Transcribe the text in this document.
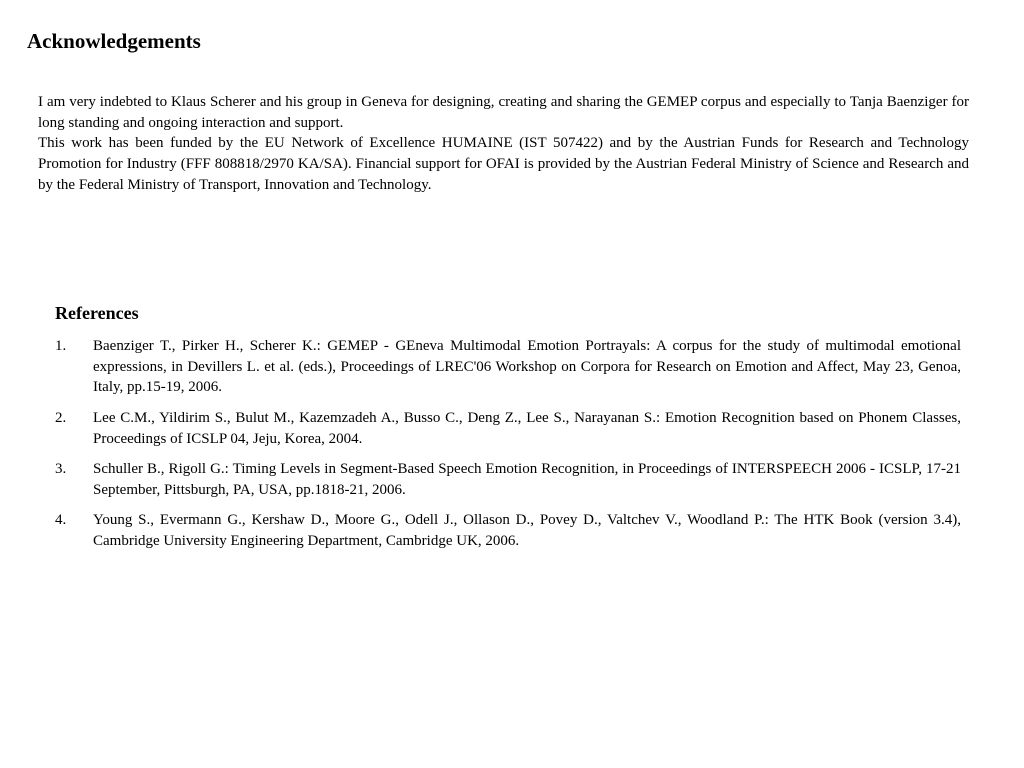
Acknowledgements

I am very indebted to Klaus Scherer and his group in Geneva for designing, creating and sharing the GEMEP corpus and especially to Tanja Baenziger for long standing and ongoing interaction and support.

This work has been funded by the EU Network of Excellence HUMAINE (IST 507422) and by the Austrian Funds for Research and Technology Promotion for Industry (FFF 808818/2970 KA/SA). Financial support for OFAI is provided by the Austrian Federal Ministry of Science and Research and by the Federal Ministry of Transport, Innovation and Technology.

References
1. Baenziger T., Pirker H., Scherer K.: GEMEP - GEneva Multimodal Emotion Portrayals: A corpus for the study of multimodal emotional expressions, in Devillers L. et al. (eds.), Proceedings of LREC'06 Workshop on Corpora for Research on Emotion and Affect, May 23, Genoa, Italy, pp.15-19, 2006.
2. Lee C.M., Yildirim S., Bulut M., Kazemzadeh A., Busso C., Deng Z., Lee S., Narayanan S.: Emotion Recognition based on Phonem Classes, Proceedings of ICSLP 04, Jeju, Korea, 2004.
3. Schuller B., Rigoll G.: Timing Levels in Segment-Based Speech Emotion Recognition, in Proceedings of INTERSPEECH 2006 - ICSLP, 17-21 September, Pittsburgh, PA, USA, pp.1818-21, 2006.
4. Young S., Evermann G., Kershaw D., Moore G., Odell J., Ollason D., Povey D., Valtchev V., Woodland P.: The HTK Book (version 3.4), Cambridge University Engineering Department, Cambridge UK, 2006.
